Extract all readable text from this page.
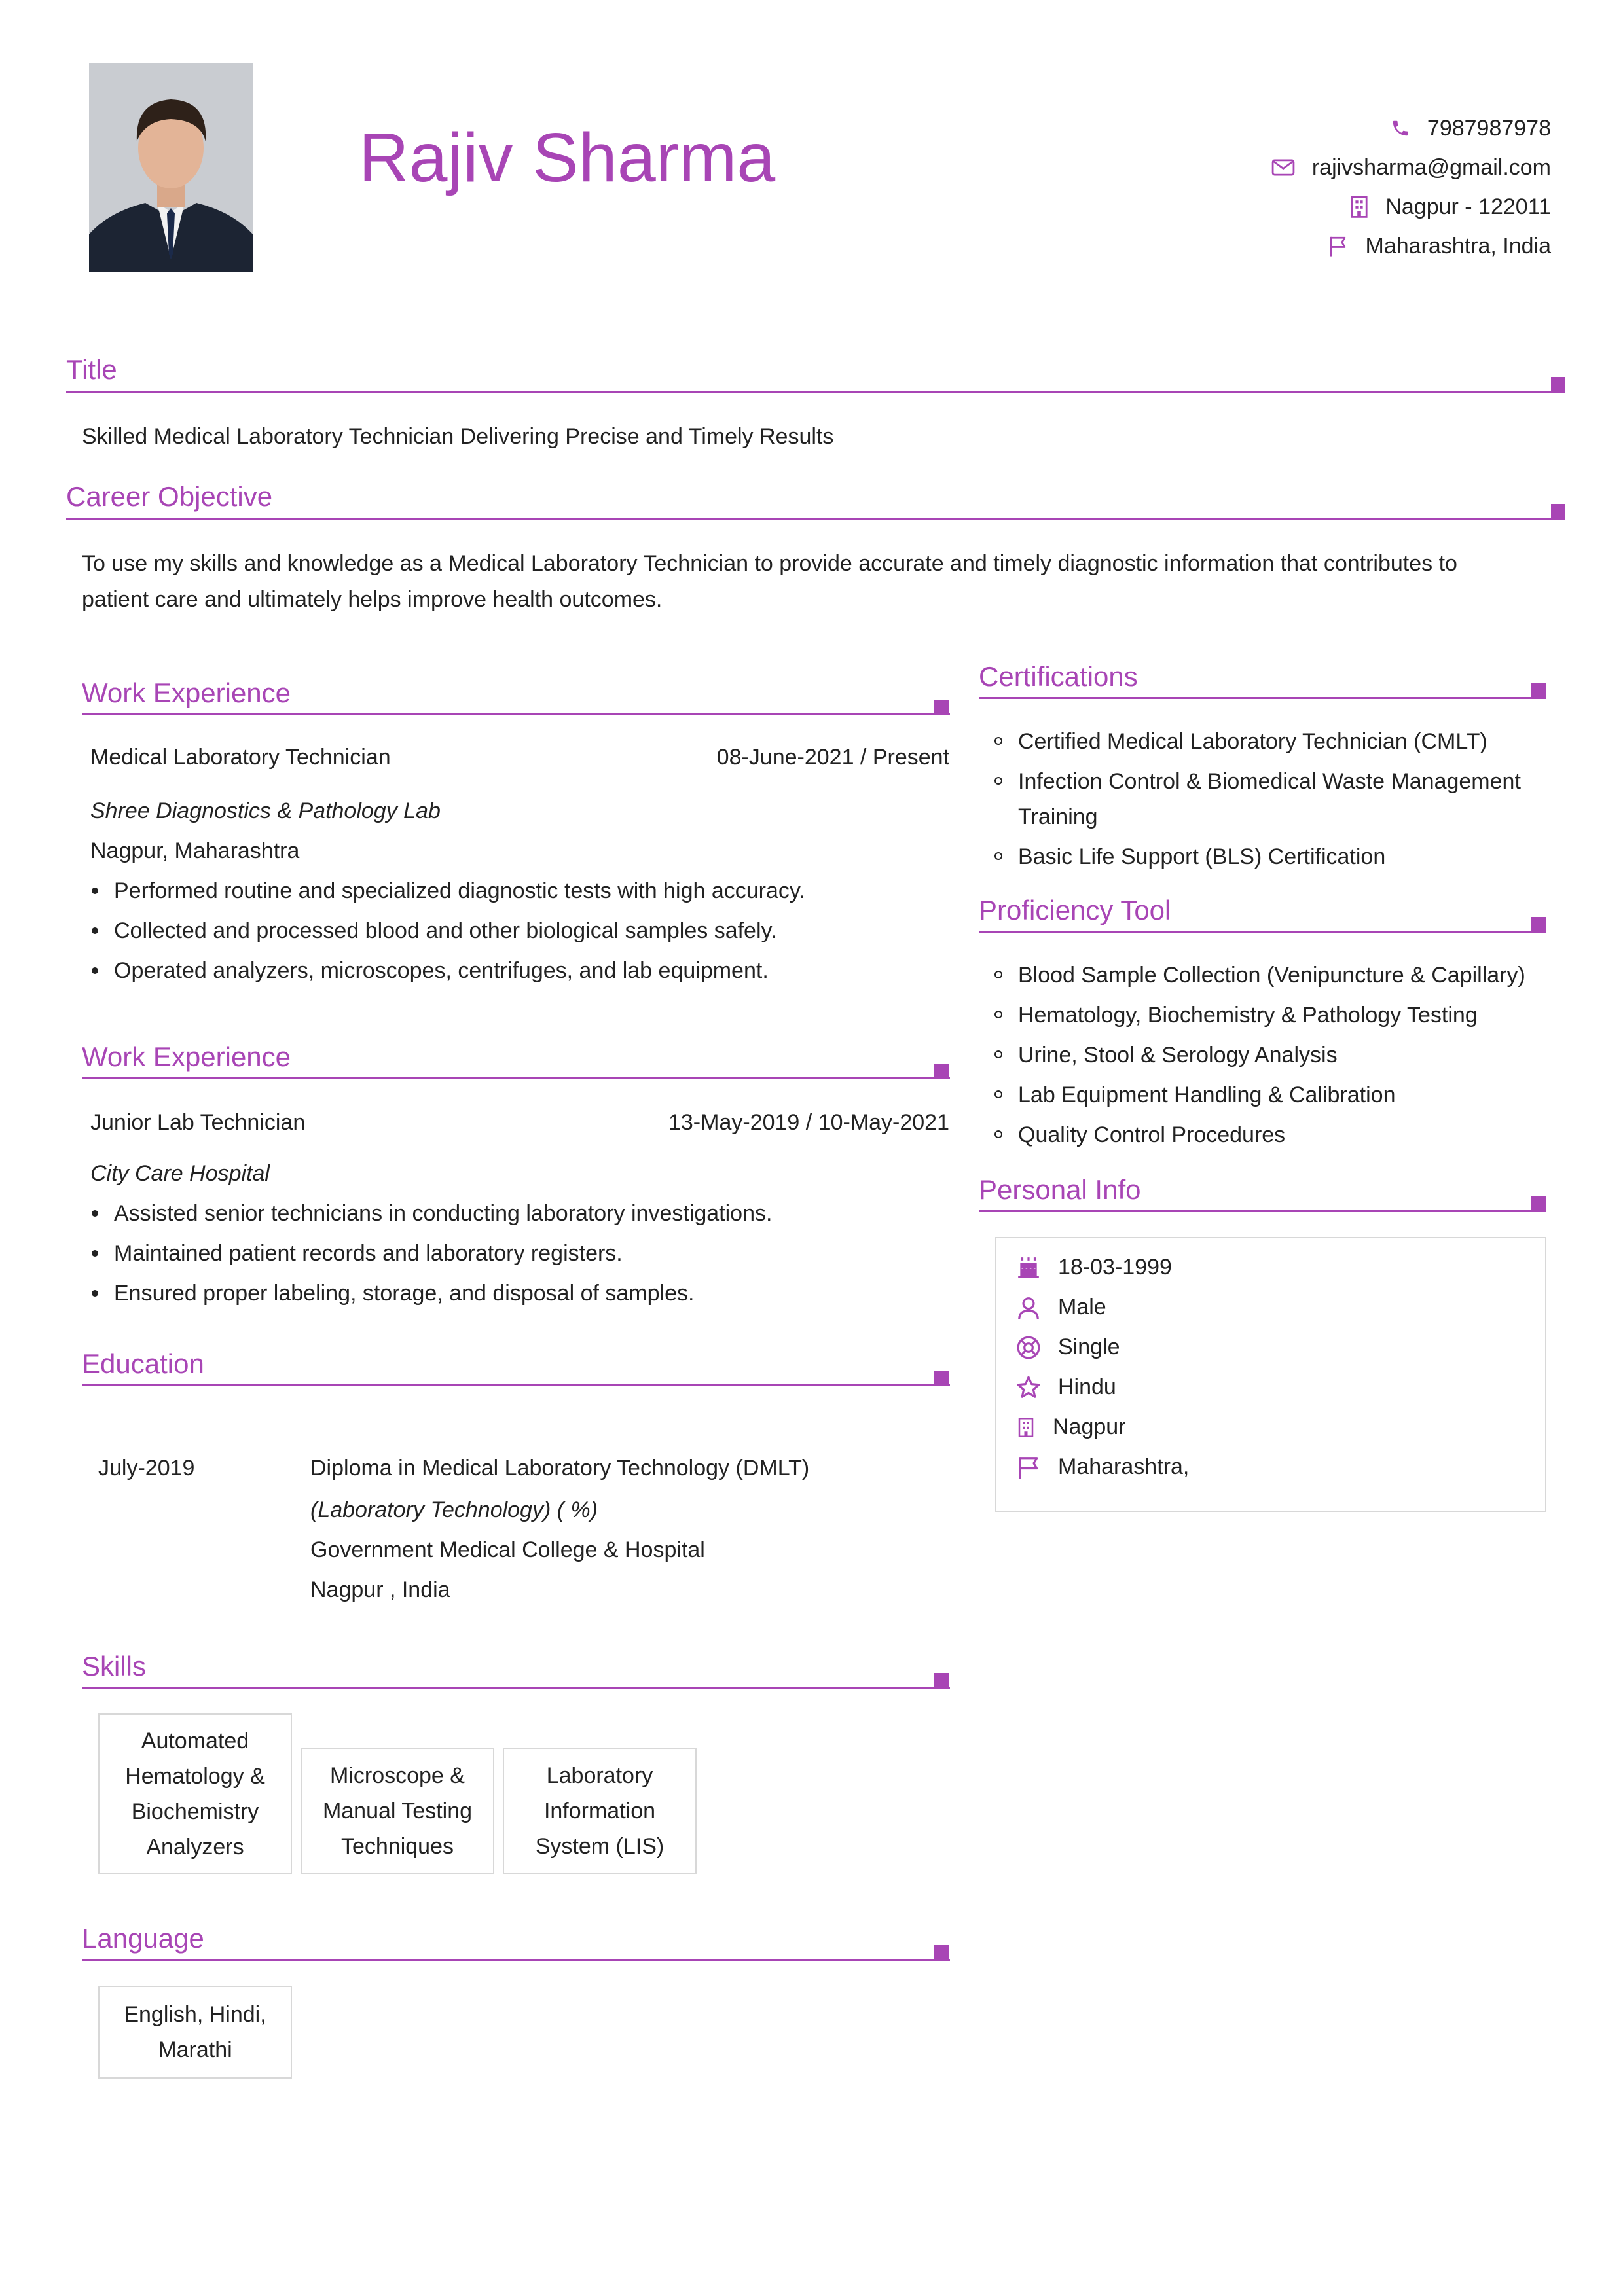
Rajiv Sharma	7987987978
rajivsharma@gmail.com
Nagpur - 122011
Maharashtra, India
Title
Skilled Medical Laboratory Technician Delivering Precise and Timely Results
Career Objective
To use my skills and knowledge as a Medical Laboratory Technician to provide accurate and timely diagnostic information that contributes to
patient care and ultimately helps improve health outcomes.
Work Experience
Medical Laboratory Technician	08-June-2021 / Present
Shree Diagnostics & Pathology Lab
Nagpur, Maharashtra
Performed routine and specialized diagnostic tests with high accuracy.
Collected and processed blood and other biological samples safely.
Operated analyzers, microscopes, centrifuges, and lab equipment.
Work Experience
Junior Lab Technician	13-May-2019 / 10-May-2021
City Care Hospital
Assisted senior technicians in conducting laboratory investigations.
Maintained patient records and laboratory registers.
Ensured proper labeling, storage, and disposal of samples.
Education
July-2019	Diploma in Medical Laboratory Technology (DMLT)
(Laboratory Technology) ( %)
Government Medical College & Hospital
Nagpur , India
Skills
Automated
Hematology &
Biochemistry
Analyzers
Microscope &
Manual Testing
Techniques
Laboratory
Information
System (LIS)
Language
English, Hindi,
Marathi
Certifications
Certified Medical Laboratory Technician (CMLT)
Infection Control & Biomedical Waste Management Training
Basic Life Support (BLS) Certification
Proficiency Tool
Blood Sample Collection (Venipuncture & Capillary)
Hematology, Biochemistry & Pathology Testing
Urine, Stool & Serology Analysis
Lab Equipment Handling & Calibration
Quality Control Procedures
Personal Info
18-03-1999
Male
Single
Hindu
Nagpur
Maharashtra,
